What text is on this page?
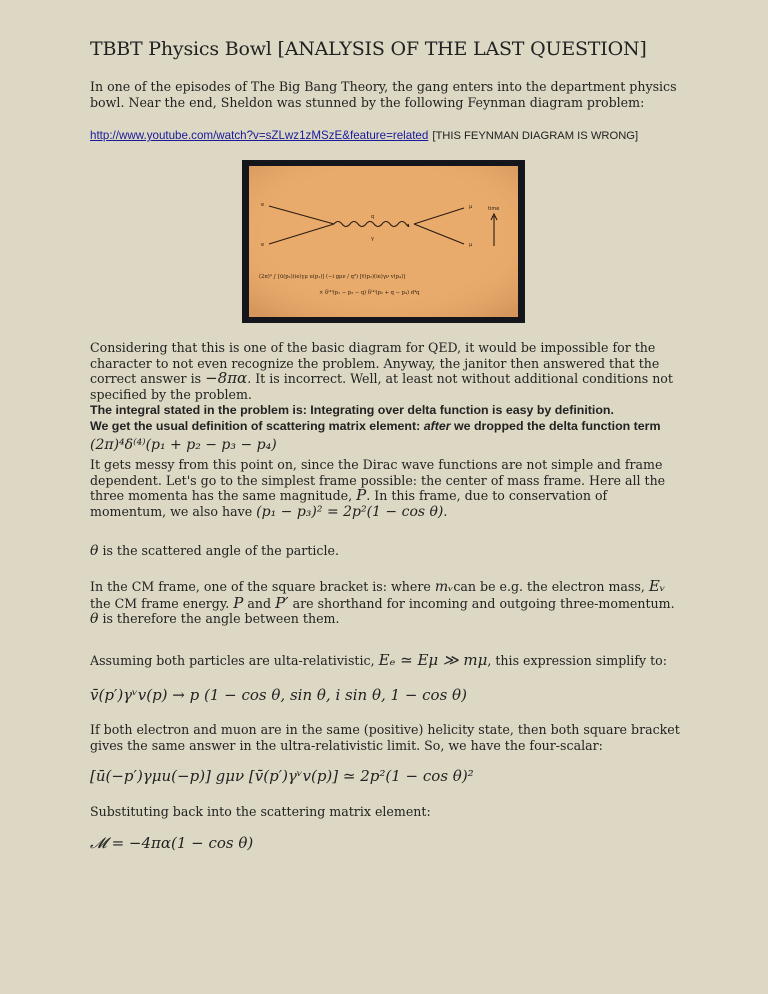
TBBT Physics Bowl [ANALYSIS OF THE LAST QUESTION]

In one of the episodes of The Big Bang Theory, the gang enters into the department physics bowl. Near the end, Sheldon was stunned by the following Feynman diagram problem:

http://www.youtube.com/watch?v=sZLwz1zMSzE&feature=related [THIS FEYNMAN DIAGRAM IS WRONG]

e
e
μ
μ
q
γ
time
(2π)⁴ ∫ [ū(p₃)(ie)γμ u(p₁)] (−i gμν / q²) [v̄(p₂)(ie)γν v(p₄)]
× δ⁽⁴⁾(p₁ − p₃ − q) δ⁽⁴⁾(p₂ + q − p₄) d⁴q

Considering that this is one of the basic diagram for QED, it would be impossible for the character to not even recognize the problem. Anyway, the janitor then answered that the correct answer is −8πα. It is incorrect. Well, at least not without additional conditions not specified by the problem.

The integral stated in the problem is: Integrating over delta function is easy by definition.

We get the usual definition of scattering matrix element: after we dropped the delta function term

(2π)⁴δ⁽⁴⁾(p₁ + p₂ − p₃ − p₄)

It gets messy from this point on, since the Dirac wave functions are not simple and frame dependent. Let's go to the simplest frame possible: the center of mass frame. Here all the three momenta has the same magnitude, P. In this frame, due to conservation of momentum, we also have (p₁ − p₃)² = 2p²(1 − cos θ).

θ is the scattered angle of the particle.

In the CM frame, one of the square bracket is: where mᵥcan be e.g. the electron mass, Eᵥ the CM frame energy. P and P′ are shorthand for incoming and outgoing three-momentum. θ is therefore the angle between them.

Assuming both particles are ulta-relativistic, Eₑ ≃ Eμ ≫ mμ, this expression simplify to:

v̄(p′)γᵛv(p) → p (1 − cos θ, sin θ, i sin θ, 1 − cos θ)

If both electron and muon are in the same (positive) helicity state, then both square bracket gives the same answer in the ultra-relativistic limit. So, we have the four-scalar:

[ū(−p′)γμu(−p)] gμν [v̄(p′)γᵛv(p)] ≃ 2p²(1 − cos θ)²

Substituting back into the scattering matrix element:

𝓜 = −4πα(1 − cos θ)
